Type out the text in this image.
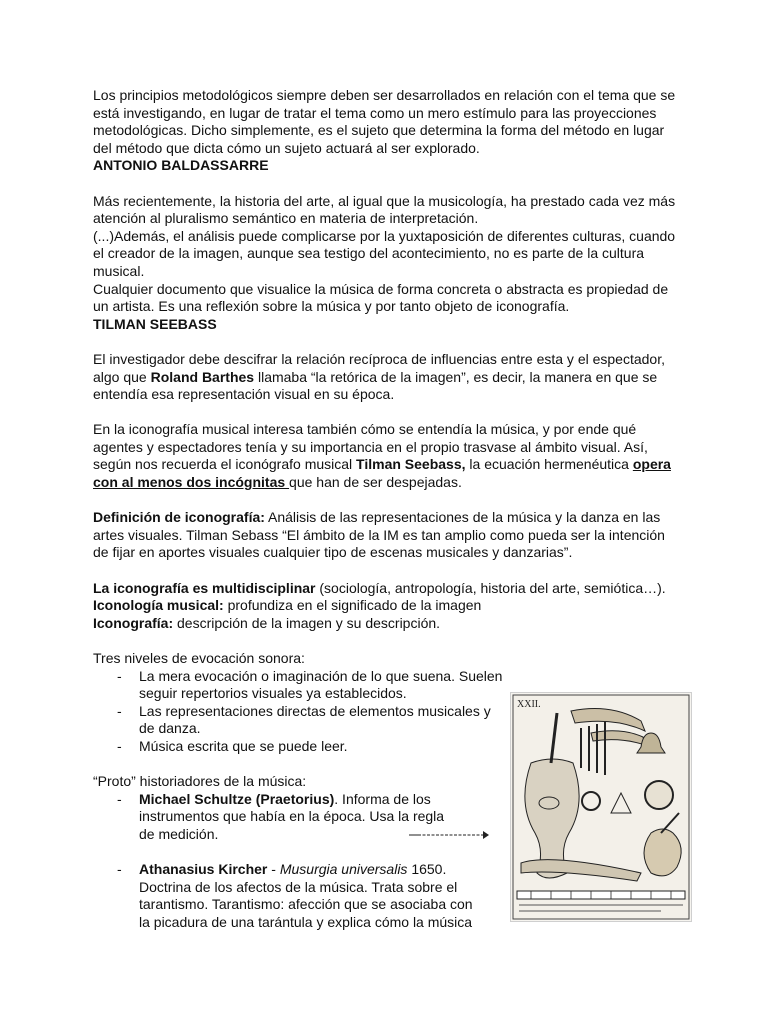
Los principios metodológicos siempre deben ser desarrollados en relación con el tema que se está investigando, en lugar de tratar el tema como un mero estímulo para las proyecciones metodológicas. Dicho simplemente, es el sujeto que determina la forma del método en lugar del método que dicta cómo un sujeto actuará al ser explorado.

ANTONIO BALDASSARRE

Más recientemente, la historia del arte, al igual que la musicología, ha prestado cada vez más atención al pluralismo semántico en materia de interpretación.

(...)Además, el análisis puede complicarse por la yuxtaposición de diferentes culturas, cuando el creador de la imagen, aunque sea testigo del acontecimiento, no es parte de la cultura musical.

Cualquier documento que visualice la música de forma concreta o abstracta es propiedad de un artista. Es una reflexión sobre la música y por tanto objeto de iconografía.

TILMAN SEEBASS

El investigador debe descifrar la relación recíproca de influencias entre esta y el espectador, algo que Roland Barthes llamaba “la retórica de la imagen”, es decir, la manera en que se entendía esa representación visual en su época.

En la iconografía musical interesa también cómo se entendía la música, y por ende qué agentes y espectadores tenía y su importancia en el propio trasvase al ámbito visual. Así, según nos recuerda el iconógrafo musical Tilman Seebass, la ecuación hermenéutica opera con al menos dos incógnitas que han de ser despejadas.

Definición de iconografía: Análisis de las representaciones de la música y la danza en las artes visuales. Tilman Sebass “El ámbito de la IM es tan amplio como pueda ser la intención de fijar en aportes visuales cualquier tipo de escenas musicales y danzarias”.

La iconografía es multidisciplinar (sociología, antropología, historia del arte, semiótica…).

Iconología musical: profundiza en el significado de la imagen

Iconografía: descripción de la imagen y su descripción.

Tres niveles de evocación sonora:

- La mera evocación o imaginación de lo que suena. Suelen seguir repertorios visuales ya establecidos.
- Las representaciones directas de elementos musicales y de danza.
- Música escrita que se puede leer.

“Proto” historiadores de la música:

- Michael Schultze (Praetorius). Informa de los instrumentos que había en la época. Usa la regla de medición.
- Athanasius Kircher - Musurgia universalis 1650. Doctrina de los afectos de la música. Trata sobre el tarantismo. Tarantismo: afección que se asociaba con la picadura de una tarántula y explica cómo la música
XXII.
